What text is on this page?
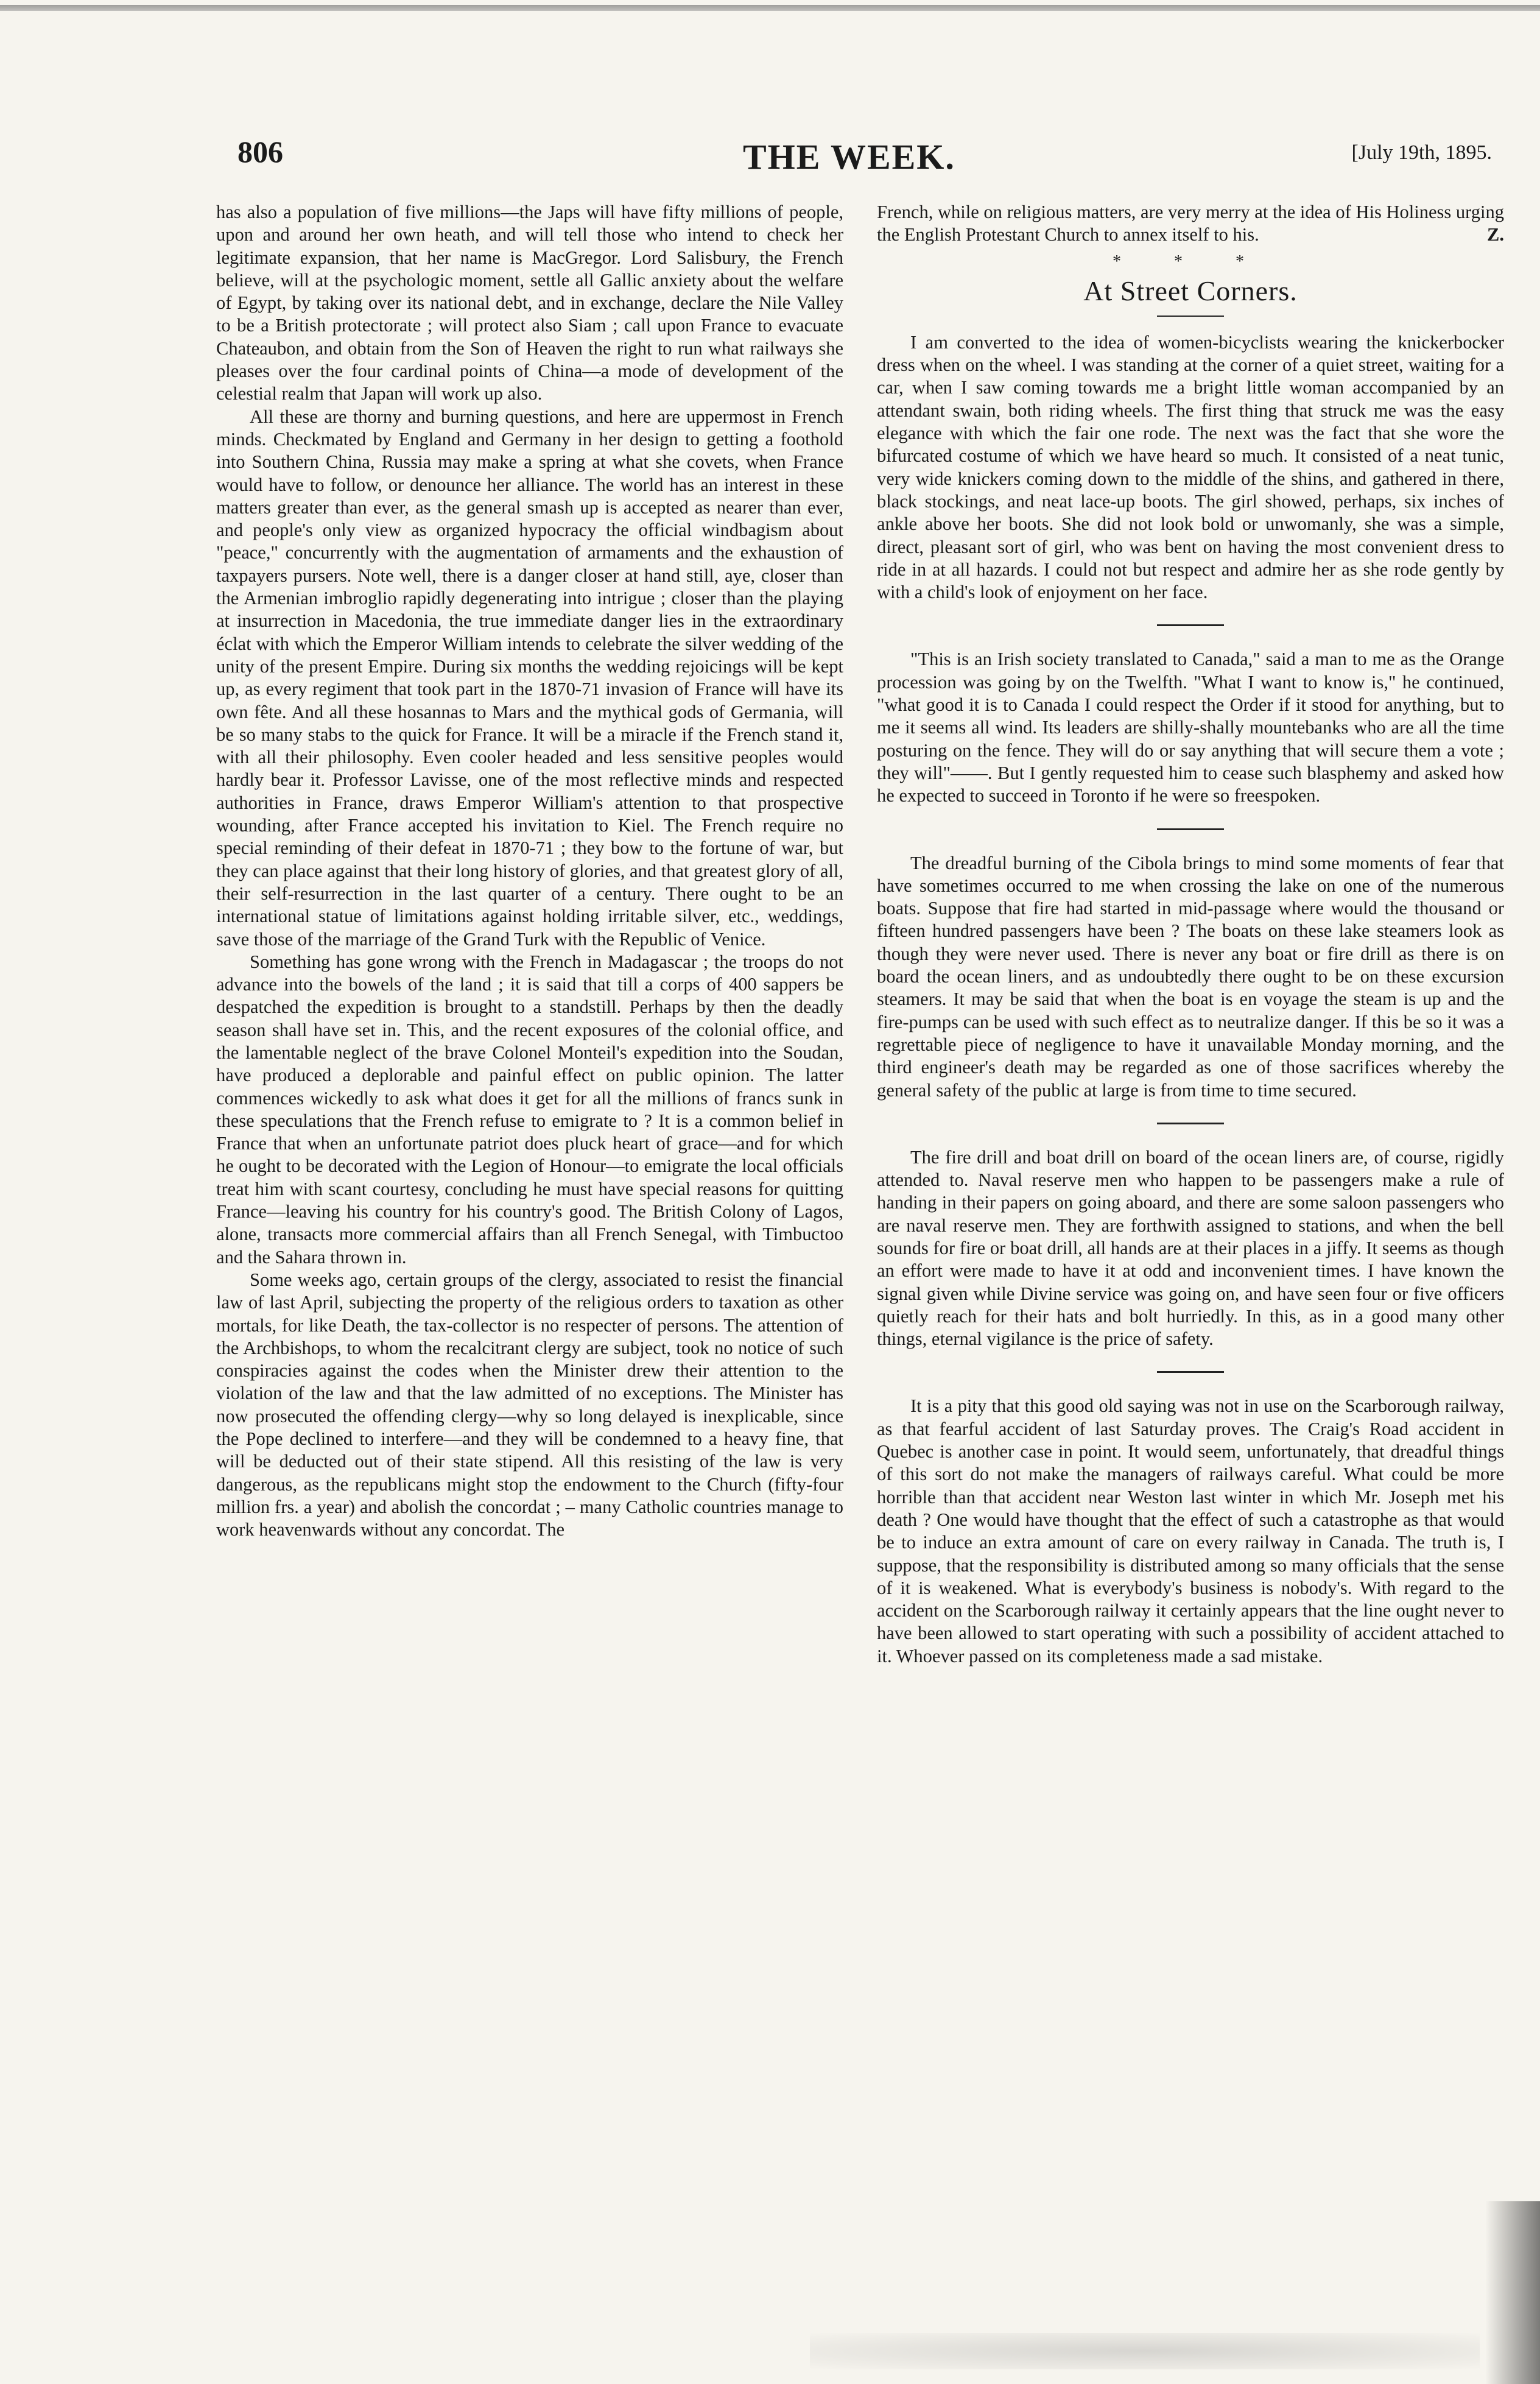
806	THE WEEK.	[July 19th, 1895.

has also a population of five millions—the Japs will have fifty millions of people, upon and around her own heath, and will tell those who intend to check her legitimate expansion, that her name is MacGregor. Lord Salisbury, the French believe, will at the psychologic moment, settle all Gallic anxiety about the welfare of Egypt, by taking over its national debt, and in exchange, declare the Nile Valley to be a British protectorate ; will protect also Siam ; call upon France to evacuate Chateaubon, and obtain from the Son of Heaven the right to run what railways she pleases over the four cardinal points of China—a mode of development of the celestial realm that Japan will work up also.

All these are thorny and burning questions, and here are uppermost in French minds. Checkmated by England and Germany in her design to getting a foothold into Southern China, Russia may make a spring at what she covets, when France would have to follow, or denounce her alliance. The world has an interest in these matters greater than ever, as the general smash up is accepted as nearer than ever, and people's only view as organized hypocracy the official windbagism about "peace," concurrently with the augmentation of armaments and the exhaustion of taxpayers pursers. Note well, there is a danger closer at hand still, aye, closer than the Armenian imbroglio rapidly degenerating into intrigue ; closer than the playing at insurrection in Macedonia, the true immediate danger lies in the extraordinary éclat with which the Emperor William intends to celebrate the silver wedding of the unity of the present Empire. During six months the wedding rejoicings will be kept up, as every regiment that took part in the 1870-71 invasion of France will have its own fête. And all these hosannas to Mars and the mythical gods of Germania, will be so many stabs to the quick for France. It will be a miracle if the French stand it, with all their philosophy. Even cooler headed and less sensitive peoples would hardly bear it. Professor Lavisse, one of the most reflective minds and respected authorities in France, draws Emperor William's attention to that prospective wounding, after France accepted his invitation to Kiel. The French require no special reminding of their defeat in 1870-71 ; they bow to the fortune of war, but they can place against that their long history of glories, and that greatest glory of all, their self-resurrection in the last quarter of a century. There ought to be an international statue of limitations against holding irritable silver, etc., weddings, save those of the marriage of the Grand Turk with the Republic of Venice.

Something has gone wrong with the French in Madagascar ; the troops do not advance into the bowels of the land ; it is said that till a corps of 400 sappers be despatched the expedition is brought to a standstill. Perhaps by then the deadly season shall have set in. This, and the recent exposures of the colonial office, and the lamentable neglect of the brave Colonel Monteil's expedition into the Soudan, have produced a deplorable and painful effect on public opinion. The latter commences wickedly to ask what does it get for all the millions of francs sunk in these speculations that the French refuse to emigrate to ? It is a common belief in France that when an unfortunate patriot does pluck heart of grace—and for which he ought to be decorated with the Legion of Honour—to emigrate the local officials treat him with scant courtesy, concluding he must have special reasons for quitting France—leaving his country for his country's good. The British Colony of Lagos, alone, transacts more commercial affairs than all French Senegal, with Timbuctoo and the Sahara thrown in.

Some weeks ago, certain groups of the clergy, associated to resist the financial law of last April, subjecting the property of the religious orders to taxation as other mortals, for like Death, the tax-collector is no respecter of persons. The attention of the Archbishops, to whom the recalcitrant clergy are subject, took no notice of such conspiracies against the codes when the Minister drew their attention to the violation of the law and that the law admitted of no exceptions. The Minister has now prosecuted the offending clergy—why so long delayed is inexplicable, since the Pope declined to interfere—and they will be condemned to a heavy fine, that will be deducted out of their state stipend. All this resisting of the law is very dangerous, as the republicans might stop the endowment to the Church (fifty-four million frs. a year) and abolish the concordat ; – many Catholic countries manage to work heavenwards without any concordat. The

French, while on religious matters, are very merry at the idea of His Holiness urging the English Protestant Church to annex itself to his.	Z.

* * *
At Street Corners.

I am converted to the idea of women-bicyclists wearing the knickerbocker dress when on the wheel. I was standing at the corner of a quiet street, waiting for a car, when I saw coming towards me a bright little woman accompanied by an attendant swain, both riding wheels. The first thing that struck me was the easy elegance with which the fair one rode. The next was the fact that she wore the bifurcated costume of which we have heard so much. It consisted of a neat tunic, very wide knickers coming down to the middle of the shins, and gathered in there, black stockings, and neat lace-up boots. The girl showed, perhaps, six inches of ankle above her boots. She did not look bold or unwomanly, she was a simple, direct, pleasant sort of girl, who was bent on having the most convenient dress to ride in at all hazards. I could not but respect and admire her as she rode gently by with a child's look of enjoyment on her face.

"This is an Irish society translated to Canada," said a man to me as the Orange procession was going by on the Twelfth. "What I want to know is," he continued, "what good it is to Canada I could respect the Order if it stood for anything, but to me it seems all wind. Its leaders are shilly-shally mountebanks who are all the time posturing on the fence. They will do or say anything that will secure them a vote ; they will"——. But I gently requested him to cease such blasphemy and asked how he expected to succeed in Toronto if he were so freespoken.

The dreadful burning of the Cibola brings to mind some moments of fear that have sometimes occurred to me when crossing the lake on one of the numerous boats. Suppose that fire had started in mid-passage where would the thousand or fifteen hundred passengers have been ? The boats on these lake steamers look as though they were never used. There is never any boat or fire drill as there is on board the ocean liners, and as undoubtedly there ought to be on these excursion steamers. It may be said that when the boat is en voyage the steam is up and the fire-pumps can be used with such effect as to neutralize danger. If this be so it was a regrettable piece of negligence to have it unavailable Monday morning, and the third engineer's death may be regarded as one of those sacrifices whereby the general safety of the public at large is from time to time secured.

The fire drill and boat drill on board of the ocean liners are, of course, rigidly attended to. Naval reserve men who happen to be passengers make a rule of handing in their papers on going aboard, and there are some saloon passengers who are naval reserve men. They are forthwith assigned to stations, and when the bell sounds for fire or boat drill, all hands are at their places in a jiffy. It seems as though an effort were made to have it at odd and inconvenient times. I have known the signal given while Divine service was going on, and have seen four or five officers quietly reach for their hats and bolt hurriedly. In this, as in a good many other things, eternal vigilance is the price of safety.

It is a pity that this good old saying was not in use on the Scarborough railway, as that fearful accident of last Saturday proves. The Craig's Road accident in Quebec is another case in point. It would seem, unfortunately, that dreadful things of this sort do not make the managers of railways careful. What could be more horrible than that accident near Weston last winter in which Mr. Joseph met his death ? One would have thought that the effect of such a catastrophe as that would be to induce an extra amount of care on every railway in Canada. The truth is, I suppose, that the responsibility is distributed among so many officials that the sense of it is weakened. What is everybody's business is nobody's. With regard to the accident on the Scarborough railway it certainly appears that the line ought never to have been allowed to start operating with such a possibility of accident attached to it. Whoever passed on its completeness made a sad mistake.
